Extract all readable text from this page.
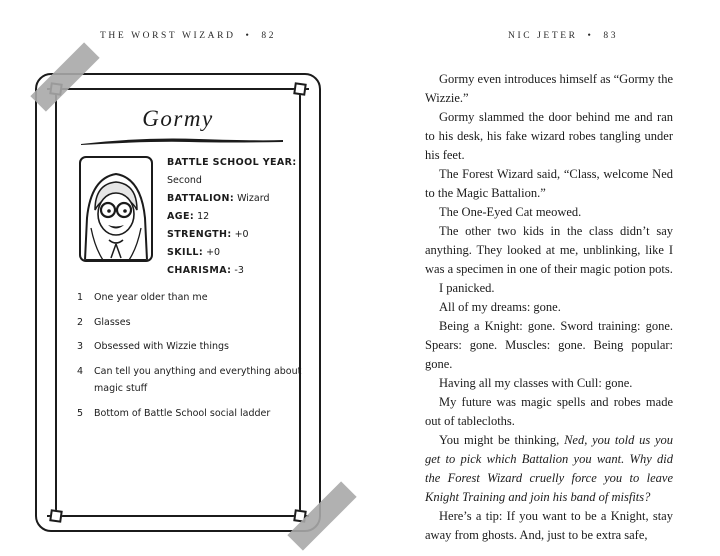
THE WORST WIZARD • 82	NIC JETER • 83
Gormy
BATTLE SCHOOL YEAR:
Second
BATTALION: Wizard
AGE: 12
STRENGTH: +0
SKILL: +0
CHARISMA: -3
1 One year older than me
2 Glasses
3 Obsessed with Wizzie things
4 Can tell you anything and everything about magic stuff
5 Bottom of Battle School social ladder

Gormy even introduces himself as “Gormy the Wizzie.”

Gormy slammed the door behind me and ran to his desk, his fake wizard robes tangling under his feet.

The Forest Wizard said, “Class, welcome Ned to the Magic Battalion.”

The One-Eyed Cat meowed.

The other two kids in the class didn’t say anything. They looked at me, unblinking, like I was a specimen in one of their magic potion pots.

I panicked.

All of my dreams: gone.

Being a Knight: gone. Sword training: gone. Spears: gone. Muscles: gone. Being popular: gone.

Having all my classes with Cull: gone.

My future was magic spells and robes made out of tablecloths.

You might be thinking, Ned, you told us you get to pick which Battalion you want. Why did the Forest Wizard cruelly force you to leave Knight Training and join his band of misfits?

Here’s a tip: If you want to be a Knight, stay away from ghosts. And, just to be extra safe,
